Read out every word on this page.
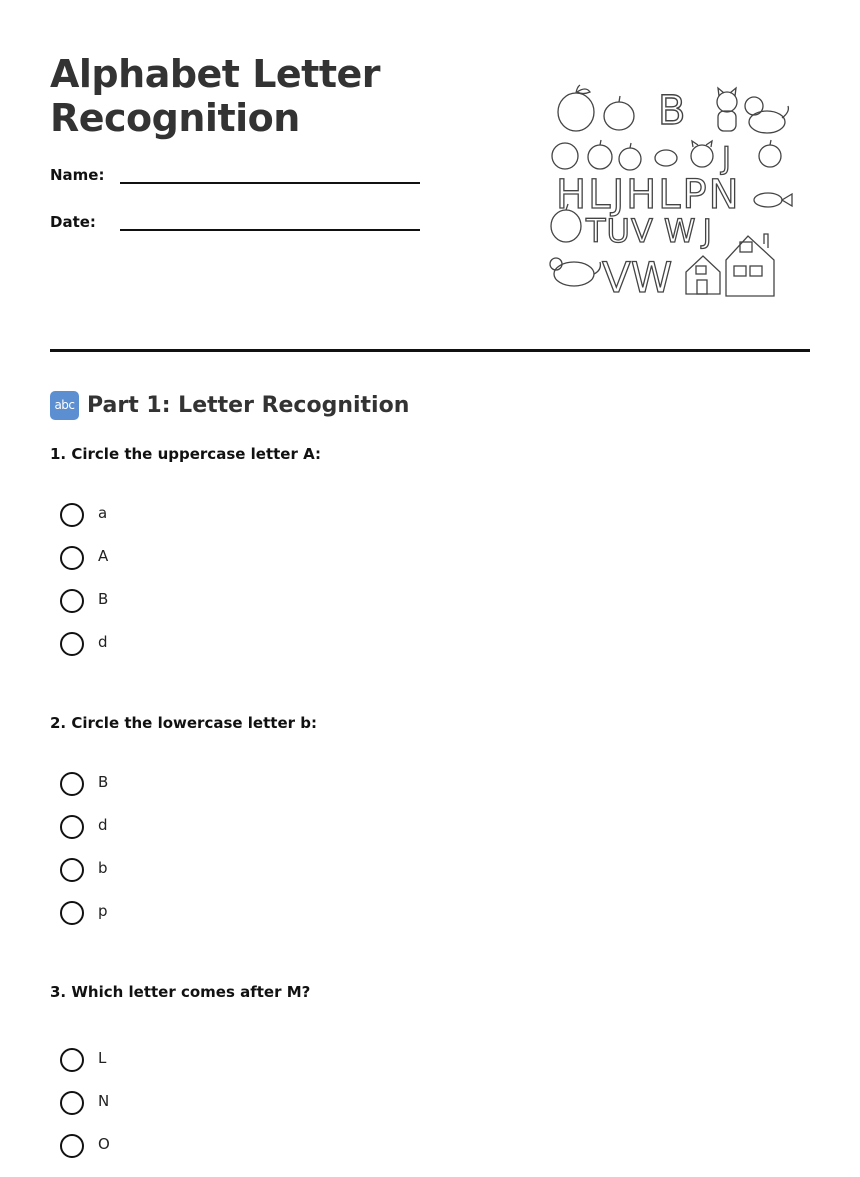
Alphabet Letter
Recognition
Name:
Date:
B
J
HLJHLPN
TUV W J
VW
abc Part 1: Letter Recognition
1. Circle the uppercase letter A:
a
A
B
d
2. Circle the lowercase letter b:
B
d
b
p
3. Which letter comes after M?
L
N
O
